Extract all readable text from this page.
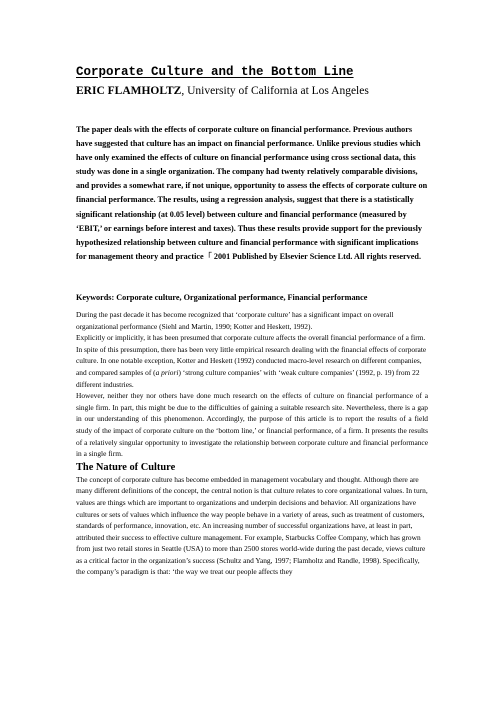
Corporate Culture and the Bottom Line

ERIC FLAMHOLTZ, University of California at Los Angeles

The paper deals with the effects of corporate culture on financial performance. Previous authors have suggested that culture has an impact on financial performance. Unlike previous studies which have only examined the effects of culture on financial performance using cross sectional data, this study was done in a single organization. The company had twenty relatively comparable divisions, and provides a somewhat rare, if not unique, opportunity to assess the effects of corporate culture on financial performance. The results, using a regression analysis, suggest that there is a statistically significant relationship (at 0.05 level) between culture and financial performance (measured by ‘EBIT,’ or earnings before interest and taxes). Thus these results provide support for the previously hypothesized relationship between culture and financial performance with significant implications for management theory and practice「 2001 Published by Elsevier Science Ltd. All rights reserved.

Keywords: Corporate culture, Organizational performance, Financial performance

During the past decade it has become recognized that ‘corporate culture’ has a significant impact on overall organizational performance (Siehl and Martin, 1990; Kotter and Heskett, 1992).

Explicitly or implicitly, it has been presumed that corporate culture affects the overall financial performance of a firm.

In spite of this presumption, there has been very little empirical research dealing with the financial effects of corporate culture. In one notable exception, Kotter and Heskett (1992) conducted macro-level research on different companies, and compared samples of (a priori) ‘strong culture companies’ with ‘weak culture companies’ (1992, p. 19) from 22 different industries.

However, neither they nor others have done much research on the effects of culture on financial performance of a single firm. In part, this might be due to the difficulties of gaining a suitable research site. Nevertheless, there is a gap in our understanding of this phenomenon. Accordingly, the purpose of this article is to report the results of a field study of the impact of corporate culture on the ‘bottom line,’ or financial performance, of a firm. It presents the results of a relatively singular opportunity to investigate the relationship between corporate culture and financial performance in a single firm.

The Nature of Culture

The concept of corporate culture has become embedded in management vocabulary and thought. Although there are many different definitions of the concept, the central notion is that culture relates to core organizational values. In turn, values are things which are important to organizations and underpin decisions and behavior. All organizations have cultures or sets of values which influence the way people behave in a variety of areas, such as treatment of customers, standards of performance, innovation, etc. An increasing number of successful organizations have, at least in part, attributed their success to effective culture management. For example, Starbucks Coffee Company, which has grown from just two retail stores in Seattle (USA) to more than 2500 stores world-wide during the past decade, views culture as a critical factor in the organization’s success (Schultz and Yang, 1997; Flamholtz and Randle, 1998). Specifically, the company’s paradigm is that: ‘the way we treat our people affects they
